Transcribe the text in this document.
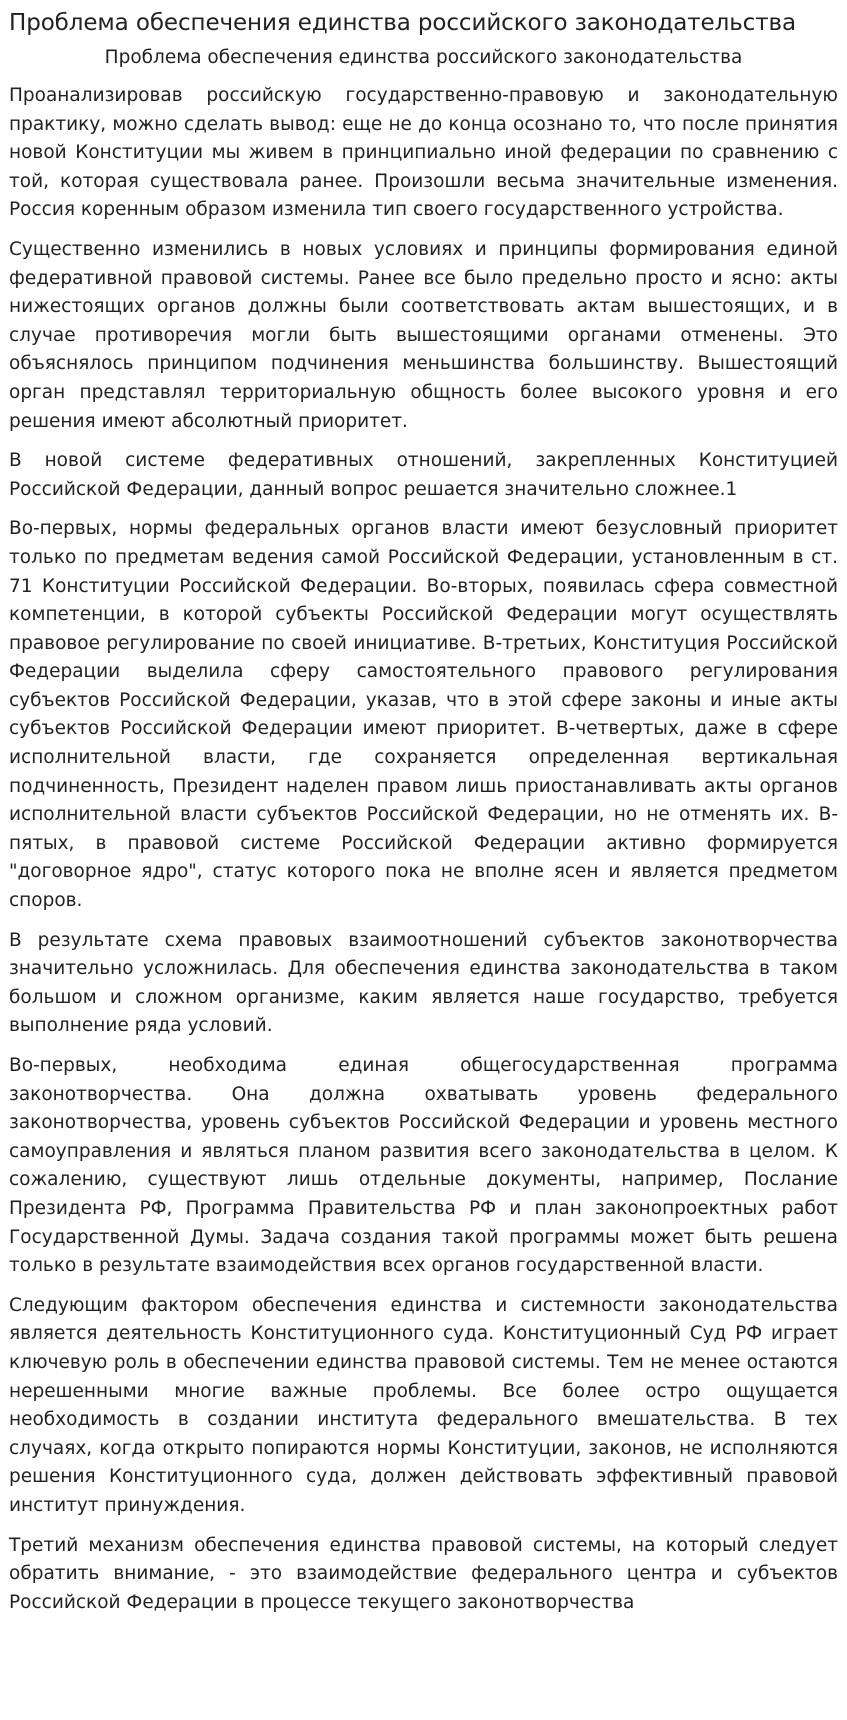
Проблема обеспечения единства российского законодательства
Проблема обеспечения единства российского законодательства

Проанализировав российскую государственно-правовую и законодательную практику, можно сделать вывод: еще не до конца осознано то, что после принятия новой Конституции мы живем в принципиально иной федерации по сравнению с той, которая существовала ранее. Произошли весьма значительные изменения. Россия коренным образом изменила тип своего государственного устройства.

Существенно изменились в новых условиях и принципы формирования единой федеративной правовой системы. Ранее все было предельно просто и ясно: акты нижестоящих органов должны были соответствовать актам вышестоящих, и в случае противоречия могли быть вышестоящими органами отменены. Это объяснялось принципом подчинения меньшинства большинству. Вышестоящий орган представлял территориальную общность более высокого уровня и его решения имеют абсолютный приоритет.

В новой системе федеративных отношений, закрепленных Конституцией Российской Федерации, данный вопрос решается значительно сложнее.1

Во-первых, нормы федеральных органов власти имеют безусловный приоритет только по предметам ведения самой Российской Федерации, установленным в ст. 71 Конституции Российской Федерации. Во-вторых, появилась сфера совместной компетенции, в которой субъекты Российской Федерации могут осуществлять правовое регулирование по своей инициативе. В-третьих, Конституция Российской Федерации выделила сферу самостоятельного правового регулирования субъектов Российской Федерации, указав, что в этой сфере законы и иные акты субъектов Российской Федерации имеют приоритет. В-четвертых, даже в сфере исполнительной власти, где сохраняется определенная вертикальная подчиненность, Президент наделен правом лишь приостанавливать акты органов исполнительной власти субъектов Российской Федерации, но не отменять их. В-пятых, в правовой системе Российской Федерации активно формируется "договорное ядро", статус которого пока не вполне ясен и является предметом споров.

В результате схема правовых взаимоотношений субъектов законотворчества значительно усложнилась. Для обеспечения единства законодательства в таком большом и сложном организме, каким является наше государство, требуется выполнение ряда условий.

Во-первых, необходима единая общегосударственная программа законотворчества. Она должна охватывать уровень федерального законотворчества, уровень субъектов Российской Федерации и уровень местного самоуправления и являться планом развития всего законодательства в целом. К сожалению, существуют лишь отдельные документы, например, Послание Президента РФ, Программа Правительства РФ и план законопроектных работ Государственной Думы. Задача создания такой программы может быть решена только в результате взаимодействия всех органов государственной власти.

Следующим фактором обеспечения единства и системности законодательства является деятельность Конституционного суда. Конституционный Суд РФ играет ключевую роль в обеспечении единства правовой системы. Тем не менее остаются нерешенными многие важные проблемы. Все более остро ощущается необходимость в создании института федерального вмешательства. В тех случаях, когда открыто попираются нормы Конституции, законов, не исполняются решения Конституционного суда, должен действовать эффективный правовой институт принуждения.

Третий механизм обеспечения единства правовой системы, на который следует обратить внимание, - это взаимодействие федерального центра и субъектов Российской Федерации в процессе текущего законотворчества
